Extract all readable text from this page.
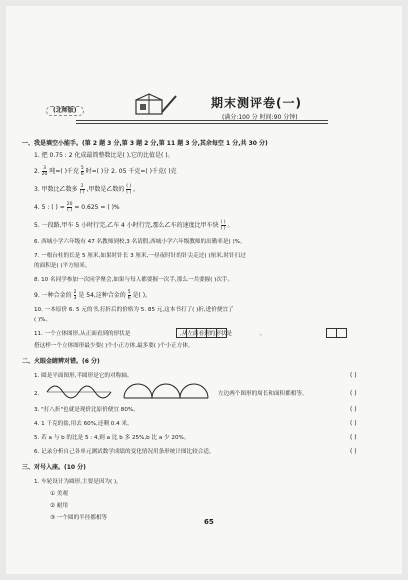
(北师版)
期末测评卷(一)
(满分:100 分 时间:90 分钟)
一、我是填空小能手。(第 2 题 3 分,第 3 题 2 分,第 11 题 3 分,其余每空 1 分,共 30 分)
1. 把 0.75 : 2 化成最简整数比是( ),它的比值是( )。
2. $\frac{3}{20}$ 吨=( )千克 $\frac{5}{6}$ 时=( )分 2. 05 千克=( )千克( )克
3. 甲数比乙数多 $\frac{1}{( )}$ ,甲数是乙数的 $\frac{( )}{( )}$ 。
4. 5 : ( ) = $\frac{20}{( )} = 0.625$ = ( )%
5. 一段路,甲车 5 小时行完,乙车 4 小时行完,那么乙车的速度比甲车快 $\frac{( )}{( )}$ 。
6. 西城小学六年级有 47 名教师到校,3 名请假,西城小学六年级教师的出勤率是( )%。
7. 一根台柱的长是 5 厘米,如果时针长 3 厘米,一昼夜时针的针尖走过( )厘米,时针扫过
的面积是( )平方厘米。
8. 10 名同学参加一次同学聚会,如果与每人都要握一次手,那么一共要握( )次手。
9. 一种合金的 $\frac{2}{3}$ 是 54,这种合金的 $\frac{5}{6}$ 是( )。
10. 一本原价 6. 5 元的书,打折后的价格为 5. 85 元,这本书打了( )折,进价便宜了
( )%。
11. 一个立体图形,从正面看到的形状是	,从左面看到的形状是	。
搭这样一个立体图形最少要( )个小正方体,最多要( )个小正方体。
二、火眼金睛辨对错。(6 分)
1. 圆是平面图形,半圆形是它的对称轴。	( )
2.	左边两个图形的周长和面积都相等。	( )
3. "打八折"也就是现价比原价便宜 80%。	( )
4. 1 千克的盐,用去 60%,还剩 0.4 米。	( )
5. 若 a 与 b 的比是 5 : 4,则 a 比 b 多 25%,b 比 a 少 20%。	( )
6. 记录分析自己各单元测试数学成绩的变化情况用条形统计图比较合适。	( )
三、对号入座。(10 分)
1. 车轮设计为圆形,主要是因为( )。
① 美观
② 耐用
③ 一个圆的半径都相等	65
